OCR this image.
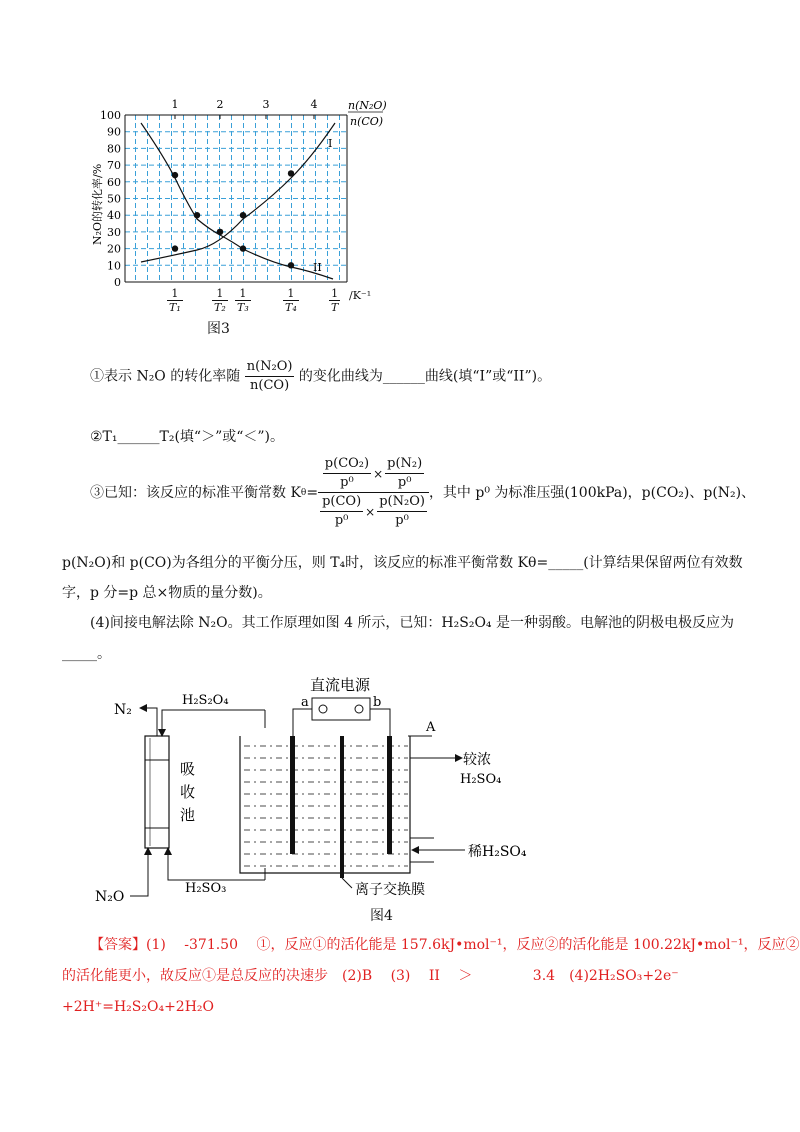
0
10
20
30
40
50
60
70
80
90
100
1	2	3	4
I
II
n(N₂O)
n(CO)
N₂O的转化率/%
$\frac{1}{\text{T₁}}$	$\frac{1}{\text{T₂}} \frac{1}{\text{T₃}}$	$\frac{1}{\text{T₄}}$	$\frac{1}{T} /K^{-1}$
图3
①表示 N₂O 的转化率随 $\frac{\text{n(N₂O)}}{n(CO)}$ 的变化曲线为______曲线(填“I”或“II”)。
②T₁______T₂(填“＞”或“＜”)。
③已知：该反应的标准平衡常数 K $\theta = \frac{\frac{\text{p(CO₂)}}{\text{p⁰}} \times \frac{\text{p(N₂)}}{\text{p⁰}}}{\frac{p(CO)}{\text{p⁰}} \times \frac{\text{p(N₂O)}}{\text{p⁰}}}$ ，其中 p⁰ 为标准压强(100kPa)，p(CO₂)、p(N₂)、
p(N₂O)和 p(CO)为各组分的平衡分压，则 T₄时，该反应的标准平衡常数 Kθ=_____(计算结果保留两位有效数
字，p 分=p 总×物质的量分数)。
(4)间接电解法除 N₂O。其工作原理如图 4 所示，已知：H₂S₂O₄ 是一种弱酸。电解池的阴极电极反应为
_____。
直流电源
a	b
A
N₂
H₂S₂O₄
吸
收
池
N₂O
H₂SO₃	离子交换膜
较浓
H₂SO₄
稀H₂SO₄
图4
【答案】(1)　 -371.50　 ①，反应①的活化能是 157.6kJ•mol⁻¹，反应②的活化能是 100.22kJ•mol⁻¹，反应②
的活化能更小，故反应①是总反应的决速步　(2)B　 (3)　 II　 ＞　　　　 3.4　(4)2H₂SO₃+2e⁻
+2H⁺=H₂S₂O₄+2H₂O
